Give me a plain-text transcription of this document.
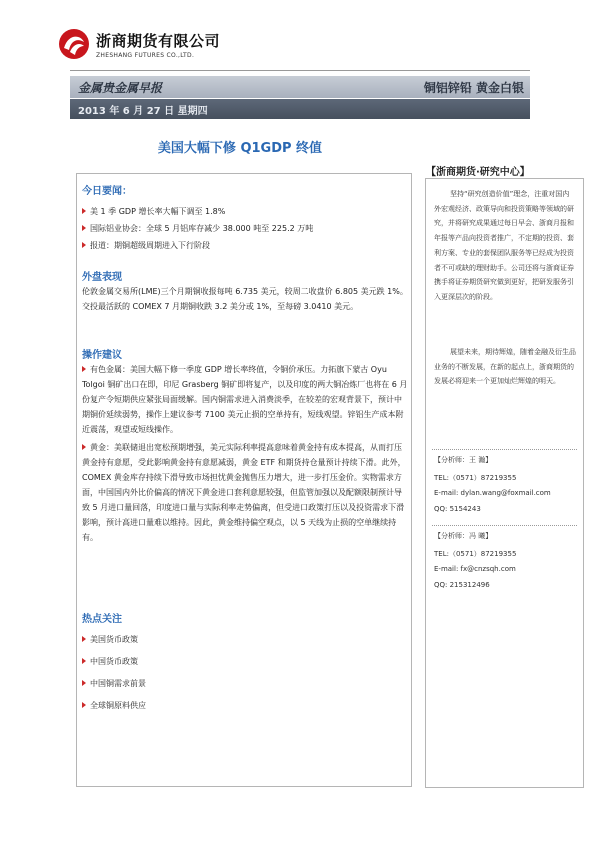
浙商期货有限公司
ZHESHANG FUTURES CO.,LTD.
金属贵金属早报	铜铝锌铅 黄金白银
2013 年 6 月 27 日 星期四
美国大幅下修 Q1GDP 终值
【浙商期货·研究中心】
今日要闻：
美 1 季 GDP 增长率大幅下调至 1.8%
国际铝业协会：全球 5 月铝库存减少 38.000 吨至 225.2 万吨
报道：期铜超级周期进入下行阶段
外盘表现
伦敦金属交易所(LME)三个月期铜收报每吨 6.735 美元，较周二收盘价 6.805 美元跌 1%。交投最活跃的 COMEX 7 月期铜收跌 3.2 美分或 1%，至每磅 3.0410 美元。
操作建议
有色金属：美国大幅下修一季度 GDP 增长率终值，令铜价承压。力拓旗下蒙古 Oyu Tolgoi 铜矿出口在即，印尼 Grasberg 铜矿即将复产，以及印度的两大铜冶炼厂也将在 6 月份复产令短期供应紧张局面缓解。国内铜需求进入消费淡季，在较差的宏观背景下，预计中期铜价延续弱势，操作上建议参考 7100 美元止损的空单持有，短线观望。锌铝生产成本附近震荡，观望或短线操作。
黄金：美联储退出宽松预期增强，美元实际利率提高意味着黄金持有成本提高，从而打压黄金持有意愿，受此影响黄金持有意愿减弱，黄金 ETF 和期货持仓量预计持续下滑。此外，COMEX 黄金库存持续下滑导致市场担忧黄金抛售压力增大，进一步打压金价。实物需求方面，中国国内外比价偏高的情况下黄金进口套利意愿较强，但监管加强以及配额限制预计导致 5 月进口量回落，印度进口量与实际利率走势偏离，但受进口政策打压以及投资需求下滑影响，预计高进口量难以维持。因此，黄金维持偏空观点，以 5 天线为止损的空单继续持有。
热点关注
美国货币政策
中国货币政策
中国铜需求前景
全球铜原料供应
坚持“研究创造价值”理念，注重对国内外宏观经济、政策导向和投资策略等领域的研究，并将研究成果通过每日早会、浙商月报和年报等产品向投资者推广，不定期的投资、套利方案、专业的套保团队服务等已经成为投资者不可或缺的理财助手。公司还将与浙商证券携手将证券期货研究做到更好，把研发服务引入更深层次的阶段。
展望未来，期待辉煌，随着金融及衍生品业务的不断发展，在新的起点上，浙商期货的发展必将迎来一个更加灿烂辉煌的明天。
【分析师：王 瀚】
TEL:（0571）87219355
E-mail: dylan.wang@foxmail.com
QQ: 5154243
【分析师：冯 曦】
TEL:（0571）87219355
E-mail: fx@cnzsqh.com
QQ: 215312496
